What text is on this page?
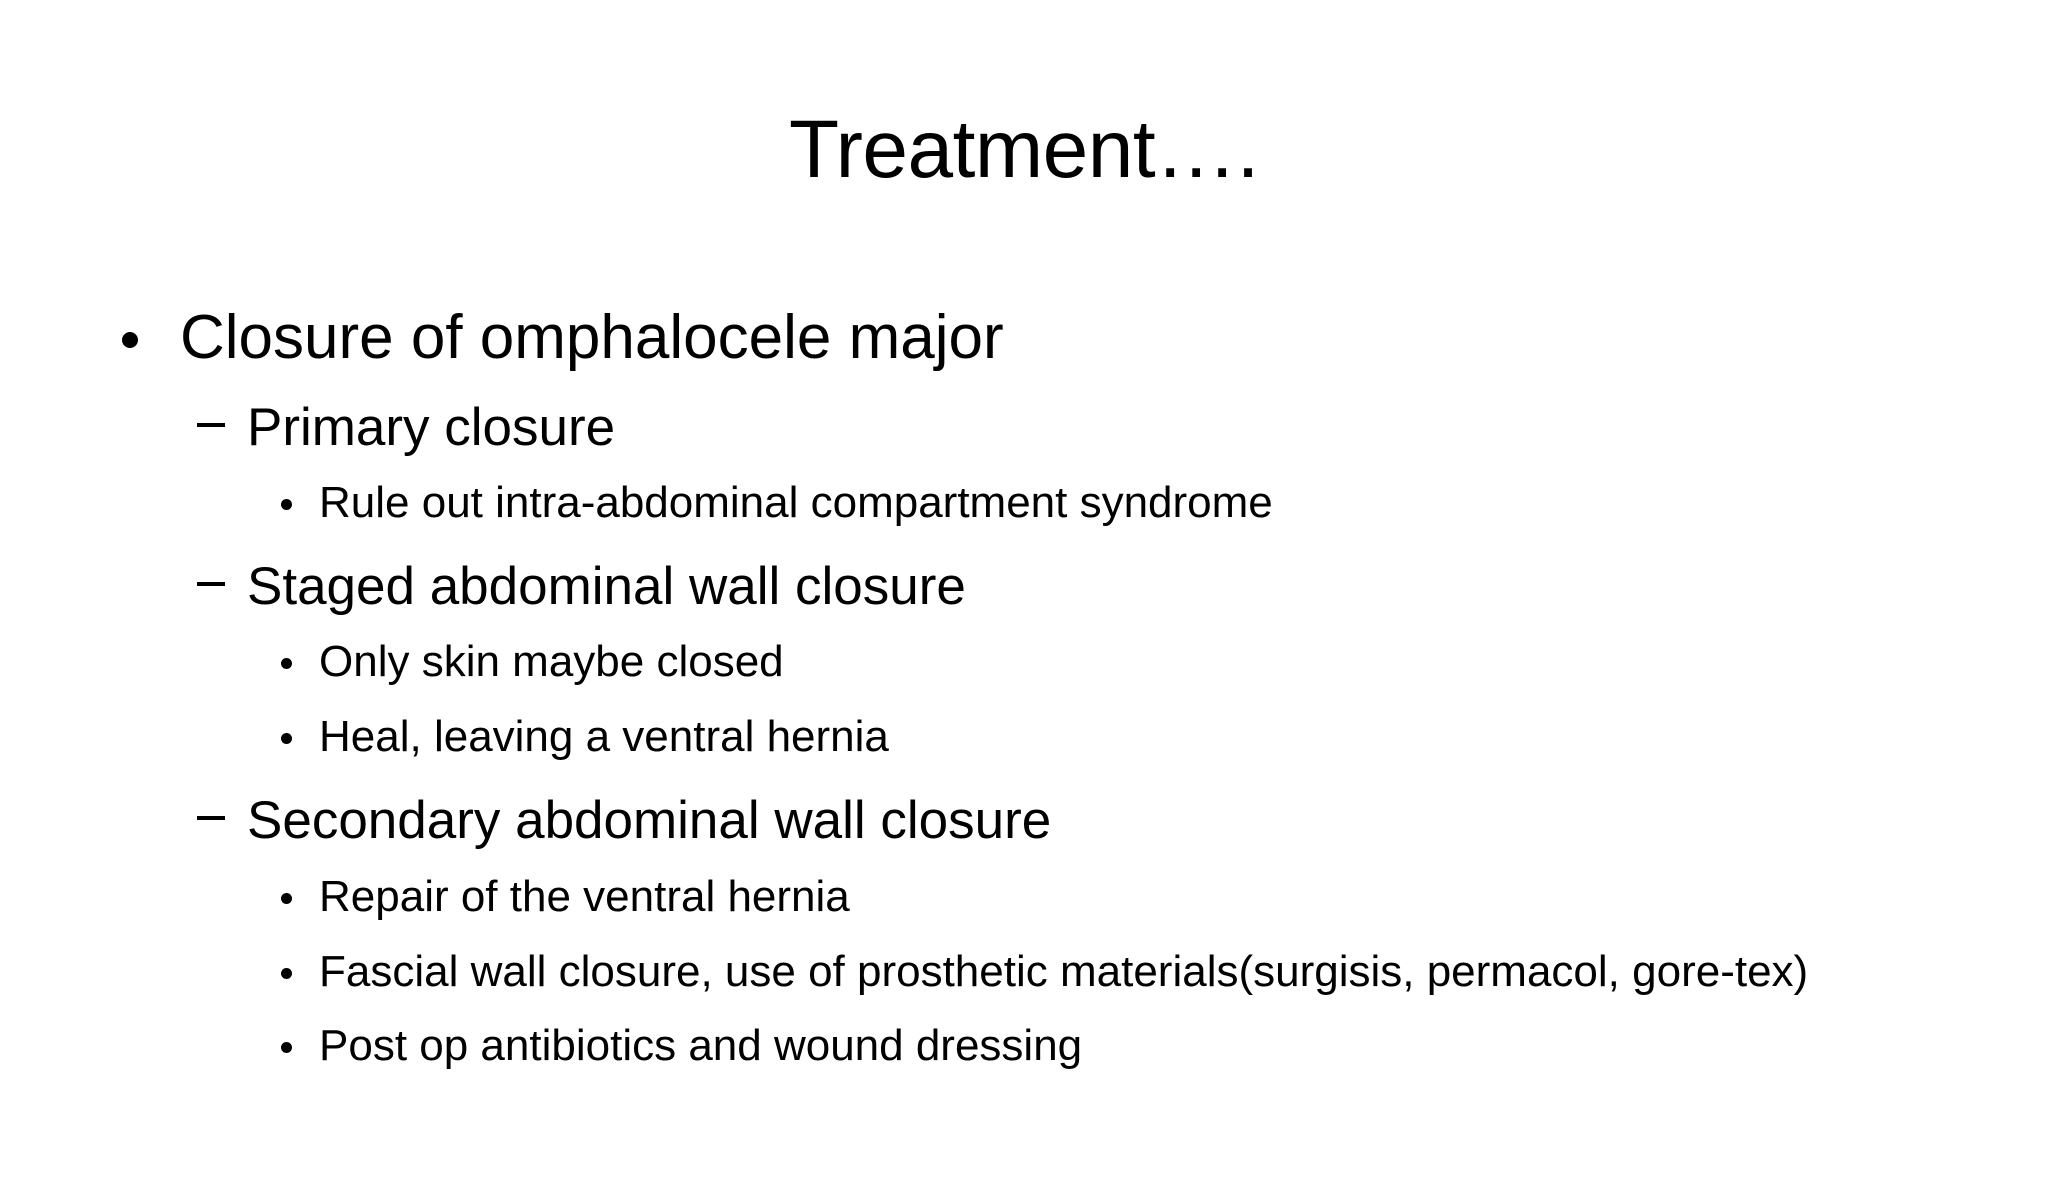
Treatment….
Closure of omphalocele major
Primary closure
Rule out intra-abdominal compartment syndrome
Staged abdominal wall closure
Only skin maybe closed
Heal, leaving a ventral hernia
Secondary abdominal wall closure
Repair of the ventral hernia
Fascial wall closure, use of prosthetic materials(surgisis, permacol, gore-tex)
Post op antibiotics and wound dressing
